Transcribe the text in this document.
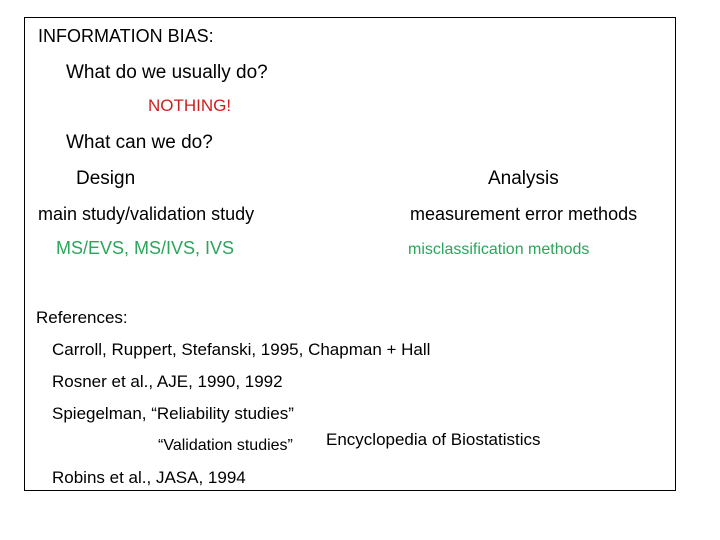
INFORMATION BIAS:
What do we usually do?
NOTHING!
What can we do?
Design	Analysis
main study/validation study	measurement error methods
MS/EVS, MS/IVS, IVS	misclassification methods
References:
Carroll, Ruppert, Stefanski, 1995, Chapman + Hall
Rosner et al., AJE, 1990, 1992
Spiegelman, “Reliability studies”
“Validation studies” Encyclopedia of Biostatistics
Robins et al., JASA, 1994
